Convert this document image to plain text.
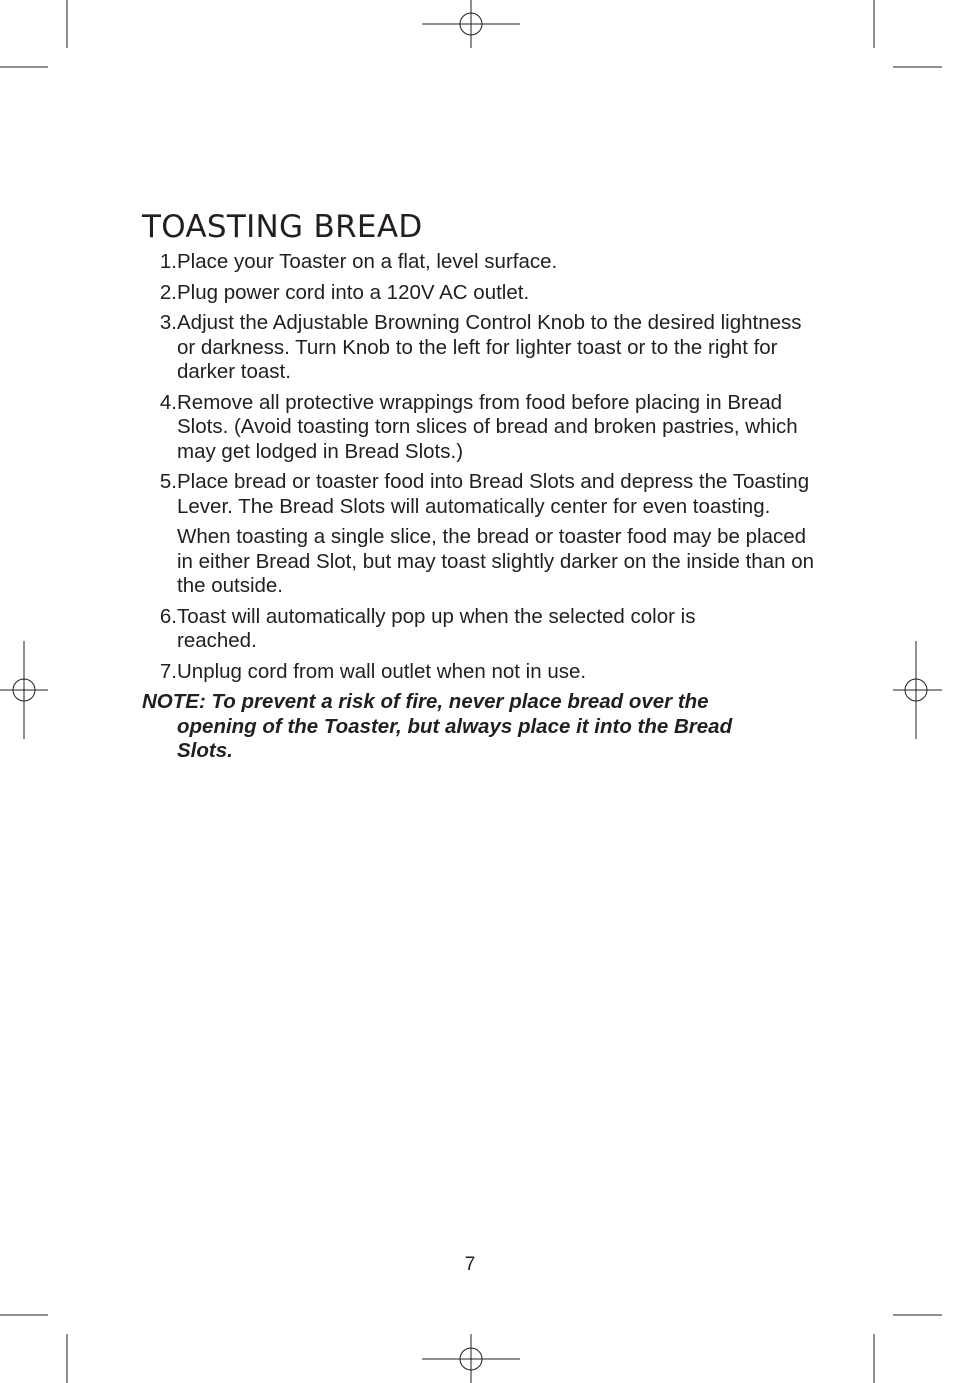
TOASTING BREAD
1. Place your Toaster on a flat, level surface.
2. Plug power cord into a 120V AC outlet.
3. Adjust the Adjustable Browning Control Knob to the desired lightness or darkness. Turn Knob to the left for lighter toast or to the right for darker toast.
4. Remove all protective wrappings from food before placing in Bread Slots. (Avoid toasting torn slices of bread and broken pastries, which may get lodged in Bread Slots.)
5. Place bread or toaster food into Bread Slots and depress the Toasting Lever. The Bread Slots will automatically center for even toasting.
When toasting a single slice, the bread or toaster food may be placed in either Bread Slot, but may toast slightly darker on the inside than on the outside.
6. Toast will automatically pop up when the selected color is reached.
7. Unplug cord from wall outlet when not in use.

NOTE: To prevent a risk of fire, never place bread over the opening of the Toaster, but always place it into the Bread Slots.

7
